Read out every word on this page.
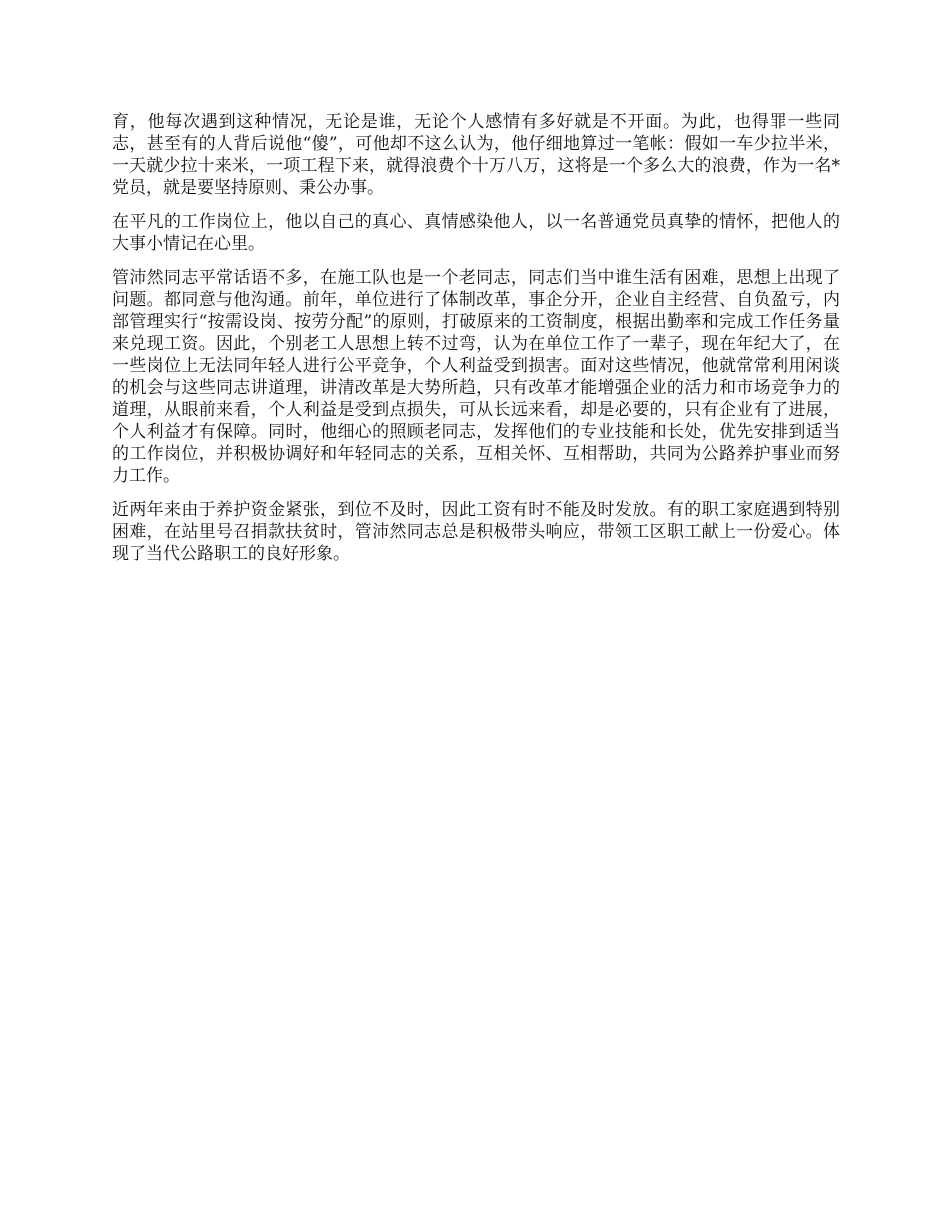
育，他每次遇到这种情况，无论是谁，无论个人感情有多好就是不开面。为此，也得罪一些同志，甚至有的人背后说他“傻”，可他却不这么认为，他仔细地算过一笔帐：假如一车少拉半米，一天就少拉十来米，一项工程下来，就得浪费个十万八万，这将是一个多么大的浪费，作为一名*党员，就是要坚持原则、秉公办事。

在平凡的工作岗位上，他以自己的真心、真情感染他人，以一名普通党员真挚的情怀，把他人的大事小情记在心里。

管沛然同志平常话语不多，在施工队也是一个老同志，同志们当中谁生活有困难，思想上出现了问题。都同意与他沟通。前年，单位进行了体制改革，事企分开，企业自主经营、自负盈亏，内部管理实行“按需设岗、按劳分配”的原则，打破原来的工资制度，根据出勤率和完成工作任务量来兑现工资。因此，个别老工人思想上转不过弯，认为在单位工作了一辈子，现在年纪大了，在一些岗位上无法同年轻人进行公平竞争，个人利益受到损害。面对这些情况，他就常常利用闲谈的机会与这些同志讲道理，讲清改革是大势所趋，只有改革才能增强企业的活力和市场竞争力的道理，从眼前来看，个人利益是受到点损失，可从长远来看，却是必要的，只有企业有了进展，个人利益才有保障。同时，他细心的照顾老同志，发挥他们的专业技能和长处，优先安排到适当的工作岗位，并积极协调好和年轻同志的关系，互相关怀、互相帮助，共同为公路养护事业而努力工作。

近两年来由于养护资金紧张，到位不及时，因此工资有时不能及时发放。有的职工家庭遇到特别困难，在站里号召捐款扶贫时，管沛然同志总是积极带头响应，带领工区职工献上一份爱心。体现了当代公路职工的良好形象。
